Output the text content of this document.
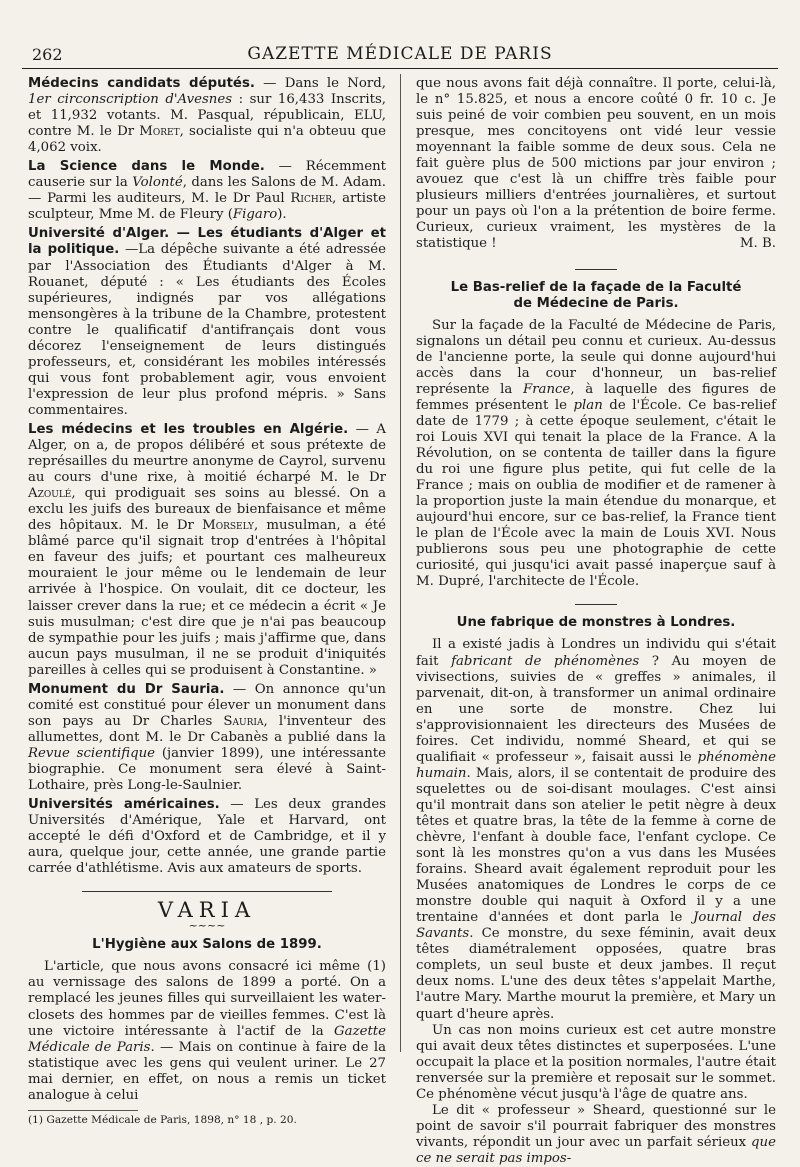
262	GAZETTE MÉDICALE DE PARIS

Médecins candidats députés. — Dans le Nord, 1er circonscription d'Avesnes : sur 16,433 Inscrits, et 11,932 votants. M. Pasqual, républicain, ELU, contre M. le Dr Moret, socialiste qui n'a obteuu que 4,062 voix.

La Science dans le Monde. — Récemment causerie sur la Volonté, dans les Salons de M. Adam. — Parmi les auditeurs, M. le Dr Paul Richer, artiste sculpteur, Mme M. de Fleury (Figaro).

Université d'Alger. — Les étudiants d'Alger et la politique. —La dépêche suivante a été adressée par l'Association des Étudiants d'Alger à M. Rouanet, député : « Les étudiants des Écoles supérieures, indignés par vos allégations mensongères à la tribune de la Chambre, protestent contre le qualificatif d'antifrançais dont vous décorez l'enseignement de leurs distingués professeurs, et, considérant les mobiles intéressés qui vous font probablement agir, vous envoient l'expression de leur plus profond mépris. » Sans commentaires.

Les médecins et les troubles en Algérie. — A Alger, on a, de propos délibéré et sous prétexte de représailles du meurtre anonyme de Cayrol, survenu au cours d'une rixe, à moitié écharpé M. le Dr Azoulé, qui prodiguait ses soins au blessé. On a exclu les juifs des bureaux de bienfaisance et même des hôpitaux. M. le Dr Morsely, musulman, a été blâmé parce qu'il signait trop d'entrées à l'hôpital en faveur des juifs; et pourtant ces malheureux mouraient le jour même ou le lendemain de leur arrivée à l'hospice. On voulait, dit ce docteur, les laisser crever dans la rue; et ce médecin a écrit « Je suis musulman; c'est dire que je n'ai pas beaucoup de sympathie pour les juifs ; mais j'affirme que, dans aucun pays musulman, il ne se produit d'iniquités pareilles à celles qui se produisent à Constantine. »

Monument du Dr Sauria. — On annonce qu'un comité est constitué pour élever un monument dans son pays au Dr Charles Sauria, l'inventeur des allumettes, dont M. le Dr Cabanès a publié dans la Revue scientifique (janvier 1899), une intéressante biographie. Ce monument sera élevé à Saint-Lothaire, près Long-le-Saulnier.

Universités américaines. — Les deux grandes Universités d'Amérique, Yale et Harvard, ont accepté le défi d'Oxford et de Cambridge, et il y aura, quelque jour, cette année, une grande partie carrée d'athlétisme. Avis aux amateurs de sports.

VARIA
~~~~
L'Hygiène aux Salons de 1899.

L'article, que nous avons consacré ici même (1) au vernissage des salons de 1899 a porté. On a remplacé les jeunes filles qui surveillaient les water-closets des hommes par de vieilles femmes. C'est là une victoire intéressante à l'actif de la Gazette Médicale de Paris. — Mais on continue à faire de la statistique avec les gens qui veulent uriner. Le 27 mai dernier, en effet, on nous a remis un ticket analogue à celui

(1) Gazette Médicale de Paris, 1898, n° 18 , p. 20.

que nous avons fait déjà connaître. Il porte, celui-là, le n° 15.825, et nous a encore coûté 0 fr. 10 c. Je suis peiné de voir combien peu souvent, en un mois presque, mes concitoyens ont vidé leur vessie moyennant la faible somme de deux sous. Cela ne fait guère plus de 500 mictions par jour environ ; avouez que c'est là un chiffre très faible pour plusieurs milliers d'entrées journalières, et surtout pour un pays où l'on a la prétention de boire ferme. Curieux, curieux vraiment, les mystères de la statistique !	M. B.

Le Bas-relief de la façade de la Faculté de Médecine de Paris.

Sur la façade de la Faculté de Médecine de Paris, signalons un détail peu connu et curieux. Au-dessus de l'ancienne porte, la seule qui donne aujourd'hui accès dans la cour d'honneur, un bas-relief représente la France, à laquelle des figures de femmes présentent le plan de l'École. Ce bas-relief date de 1779 ; à cette époque seulement, c'était le roi Louis XVI qui tenait la place de la France. A la Révolution, on se contenta de tailler dans la figure du roi une figure plus petite, qui fut celle de la France ; mais on oublia de modifier et de ramener à la proportion juste la main étendue du monarque, et aujourd'hui encore, sur ce bas-relief, la France tient le plan de l'École avec la main de Louis XVI. Nous publierons sous peu une photographie de cette curiosité, qui jusqu'ici avait passé inaperçue sauf à M. Dupré, l'architecte de l'École.

Une fabrique de monstres à Londres.

Il a existé jadis à Londres un individu qui s'était fait fabricant de phénomènes ? Au moyen de vivisections, suivies de « greffes » animales, il parvenait, dit-on, à transformer un animal ordinaire en une sorte de monstre. Chez lui s'approvisionnaient les directeurs des Musées de foires. Cet individu, nommé Sheard, et qui se qualifiait « professeur », faisait aussi le phénomène humain. Mais, alors, il se contentait de produire des squelettes ou de soi-disant moulages. C'est ainsi qu'il montrait dans son atelier le petit nègre à deux têtes et quatre bras, la tête de la femme à corne de chèvre, l'enfant à double face, l'enfant cyclope. Ce sont là les monstres qu'on a vus dans les Musées forains. Sheard avait également reproduit pour les Musées anatomiques de Londres le corps de ce monstre double qui naquit à Oxford il y a une trentaine d'années et dont parla le Journal des Savants. Ce monstre, du sexe féminin, avait deux têtes diamétralement opposées, quatre bras complets, un seul buste et deux jambes. Il reçut deux noms. L'une des deux têtes s'appelait Marthe, l'autre Mary. Marthe mourut la première, et Mary un quart d'heure après.

Un cas non moins curieux est cet autre monstre qui avait deux têtes distinctes et superposées. L'une occupait la place et la position normales, l'autre était renversée sur la première et reposait sur le sommet. Ce phénomène vécut jusqu'à l'âge de quatre ans.

Le dit « professeur » Sheard, questionné sur le point de savoir s'il pourrait fabriquer des monstres vivants, répondit un jour avec un parfait sérieux que ce ne serait pas impos-
